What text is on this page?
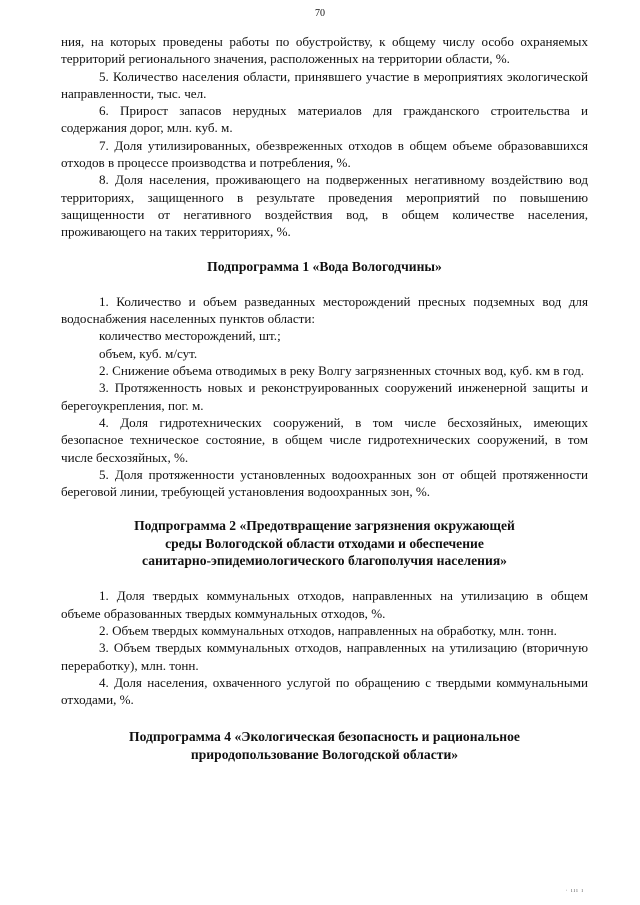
70

ния, на которых проведены работы по обустройству, к общему числу особо охраняемых территорий регионального значения, расположенных на территории области, %.

5. Количество населения области, принявшего участие в мероприятиях экологической направленности, тыс. чел.

6. Прирост запасов нерудных материалов для гражданского строительства и содержания дорог, млн. куб. м.

7. Доля утилизированных, обезвреженных отходов в общем объеме образовавшихся отходов в процессе производства и потребления, %.

8. Доля населения, проживающего на подверженных негативному воздействию вод территориях, защищенного в результате проведения мероприятий по повышению защищенности от негативного воздействия вод, в общем количестве населения, проживающего на таких территориях, %.

Подпрограмма 1 «Вода Вологодчины»

1. Количество и объем разведанных месторождений пресных подземных вод для водоснабжения населенных пунктов области:

количество месторождений, шт.;

объем, куб. м/сут.

2. Снижение объема отводимых в реку Волгу загрязненных сточных вод, куб. км в год.

3. Протяженность новых и реконструированных сооружений инженерной защиты и берегоукрепления, пог. м.

4. Доля гидротехнических сооружений, в том числе бесхозяйных, имеющих безопасное техническое состояние, в общем числе гидротехнических сооружений, в том числе бесхозяйных, %.

5. Доля протяженности установленных водоохранных зон от общей протяженности береговой линии, требующей установления водоохранных зон, %.

Подпрограмма 2 «Предотвращение загрязнения окружающей

среды Вологодской области отходами и обеспечение

санитарно-эпидемиологического благополучия населения»

1. Доля твердых коммунальных отходов, направленных на утилизацию в общем объеме образованных твердых коммунальных отходов, %.

2. Объем твердых коммунальных отходов, направленных на обработку, млн. тонн.

3. Объем твердых коммунальных отходов, направленных на утилизацию (вторичную переработку), млн. тонн.

4. Доля населения, охваченного услугой по обращению с твердыми коммунальными отходами, %.

Подпрограмма 4 «Экологическая безопасность и рациональное

природопользование Вологодской области»

· ııı ı
